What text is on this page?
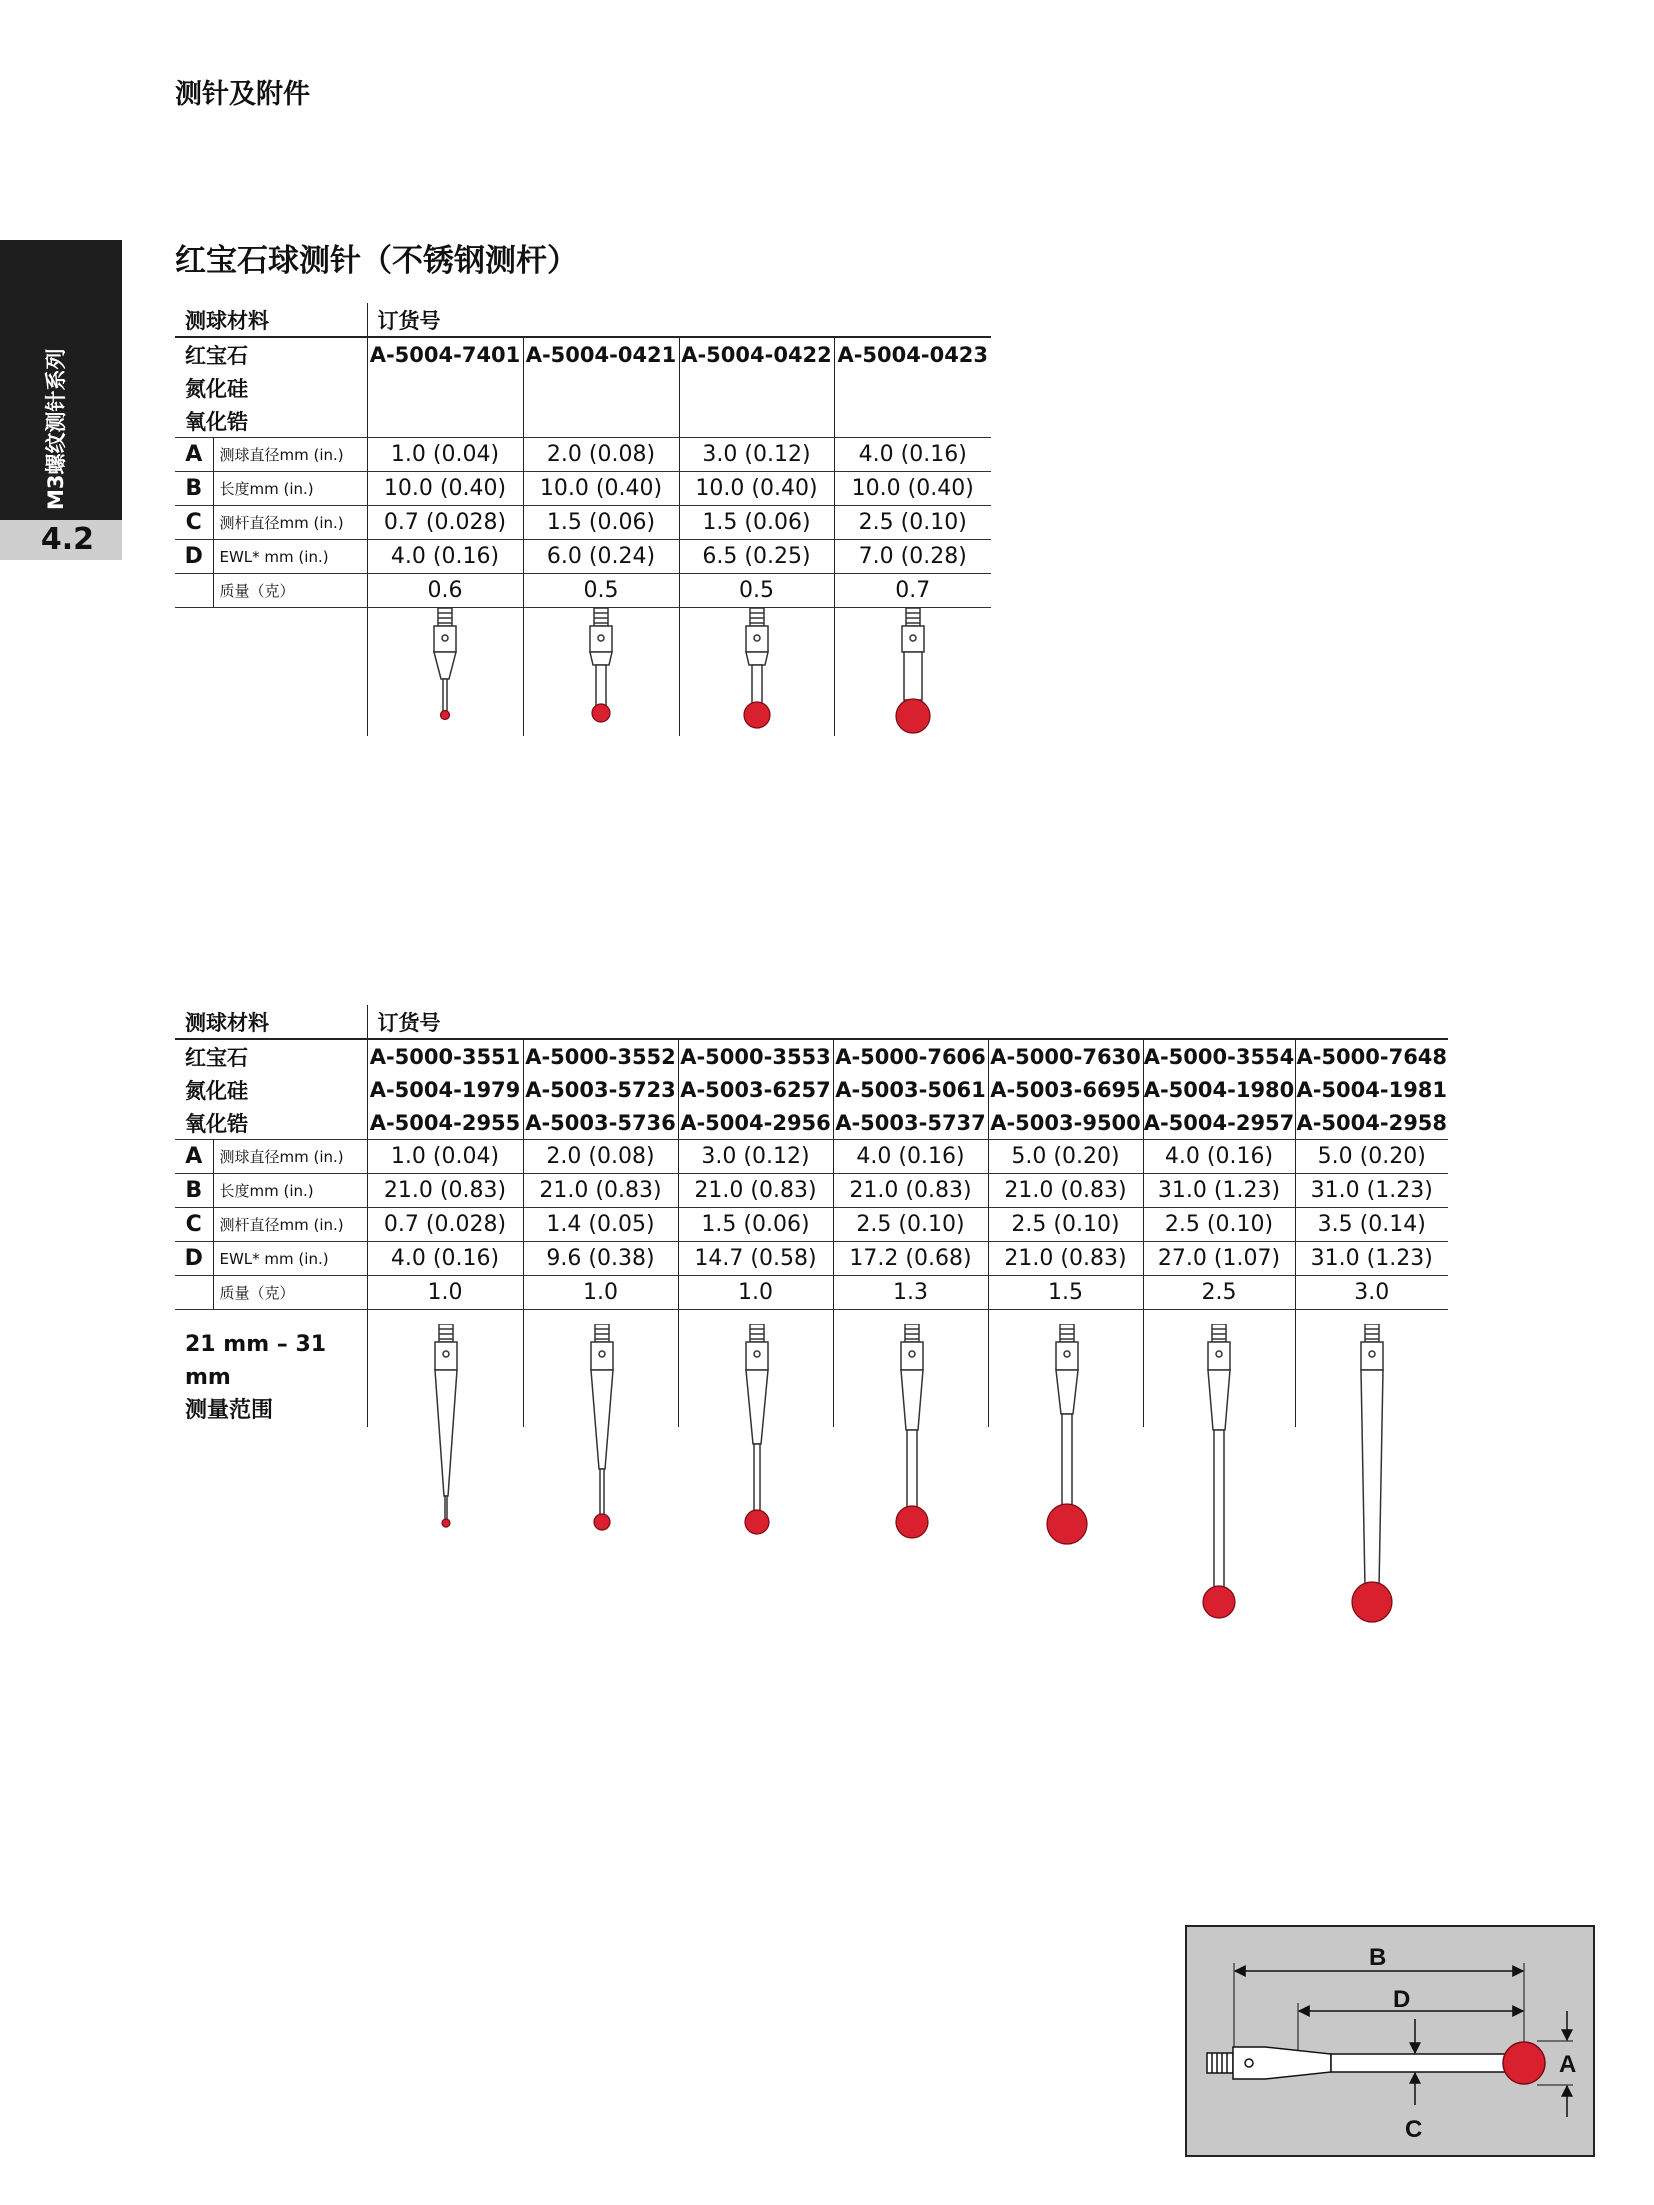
测针及附件
M3螺纹测针系列
4.2
红宝石球测针（不锈钢测杆）
测球材料		订货号			
红宝石		A-5004-7401	A-5004-0421	A-5004-0422	A-5004-0423
氮化硅					
氧化锆					
A	测球直径mm (in.)	1.0 (0.04)	2.0 (0.08)	3.0 (0.12)	4.0 (0.16)
B	长度mm (in.)	10.0 (0.40)	10.0 (0.40)	10.0 (0.40)	10.0 (0.40)
C	测杆直径mm (in.)	0.7 (0.028)	1.5 (0.06)	1.5 (0.06)	2.5 (0.10)
D	EWL* mm (in.)	4.0 (0.16)	6.0 (0.24)	6.5 (0.25)	7.0 (0.28)
	质量（克）	0.6	0.5	0.5	0.7

测球材料		订货号						
红宝石		A-5000-3551	A-5000-3552	A-5000-3553	A-5000-7606	A-5000-7630	A-5000-3554	A-5000-7648
氮化硅		A-5004-1979	A-5003-5723	A-5003-6257	A-5003-5061	A-5003-6695	A-5004-1980	A-5004-1981
氧化锆		A-5004-2955	A-5003-5736	A-5004-2956	A-5003-5737	A-5003-9500	A-5004-2957	A-5004-2958
A	测球直径mm (in.)	1.0 (0.04)	2.0 (0.08)	3.0 (0.12)	4.0 (0.16)	5.0 (0.20)	4.0 (0.16)	5.0 (0.20)
B	长度mm (in.)	21.0 (0.83)	21.0 (0.83)	21.0 (0.83)	21.0 (0.83)	21.0 (0.83)	31.0 (1.23)	31.0 (1.23)
C	测杆直径mm (in.)	0.7 (0.028)	1.4 (0.05)	1.5 (0.06)	2.5 (0.10)	2.5 (0.10)	2.5 (0.10)	3.5 (0.14)
D	EWL* mm (in.)	4.0 (0.16)	9.6 (0.38)	14.7 (0.58)	17.2 (0.68)	21.0 (0.83)	27.0 (1.07)	31.0 (1.23)
	质量（克）	1.0	1.0	1.0	1.3	1.5	2.5	3.0

21 mm – 31 mm
测量范围

B
D
C
A
